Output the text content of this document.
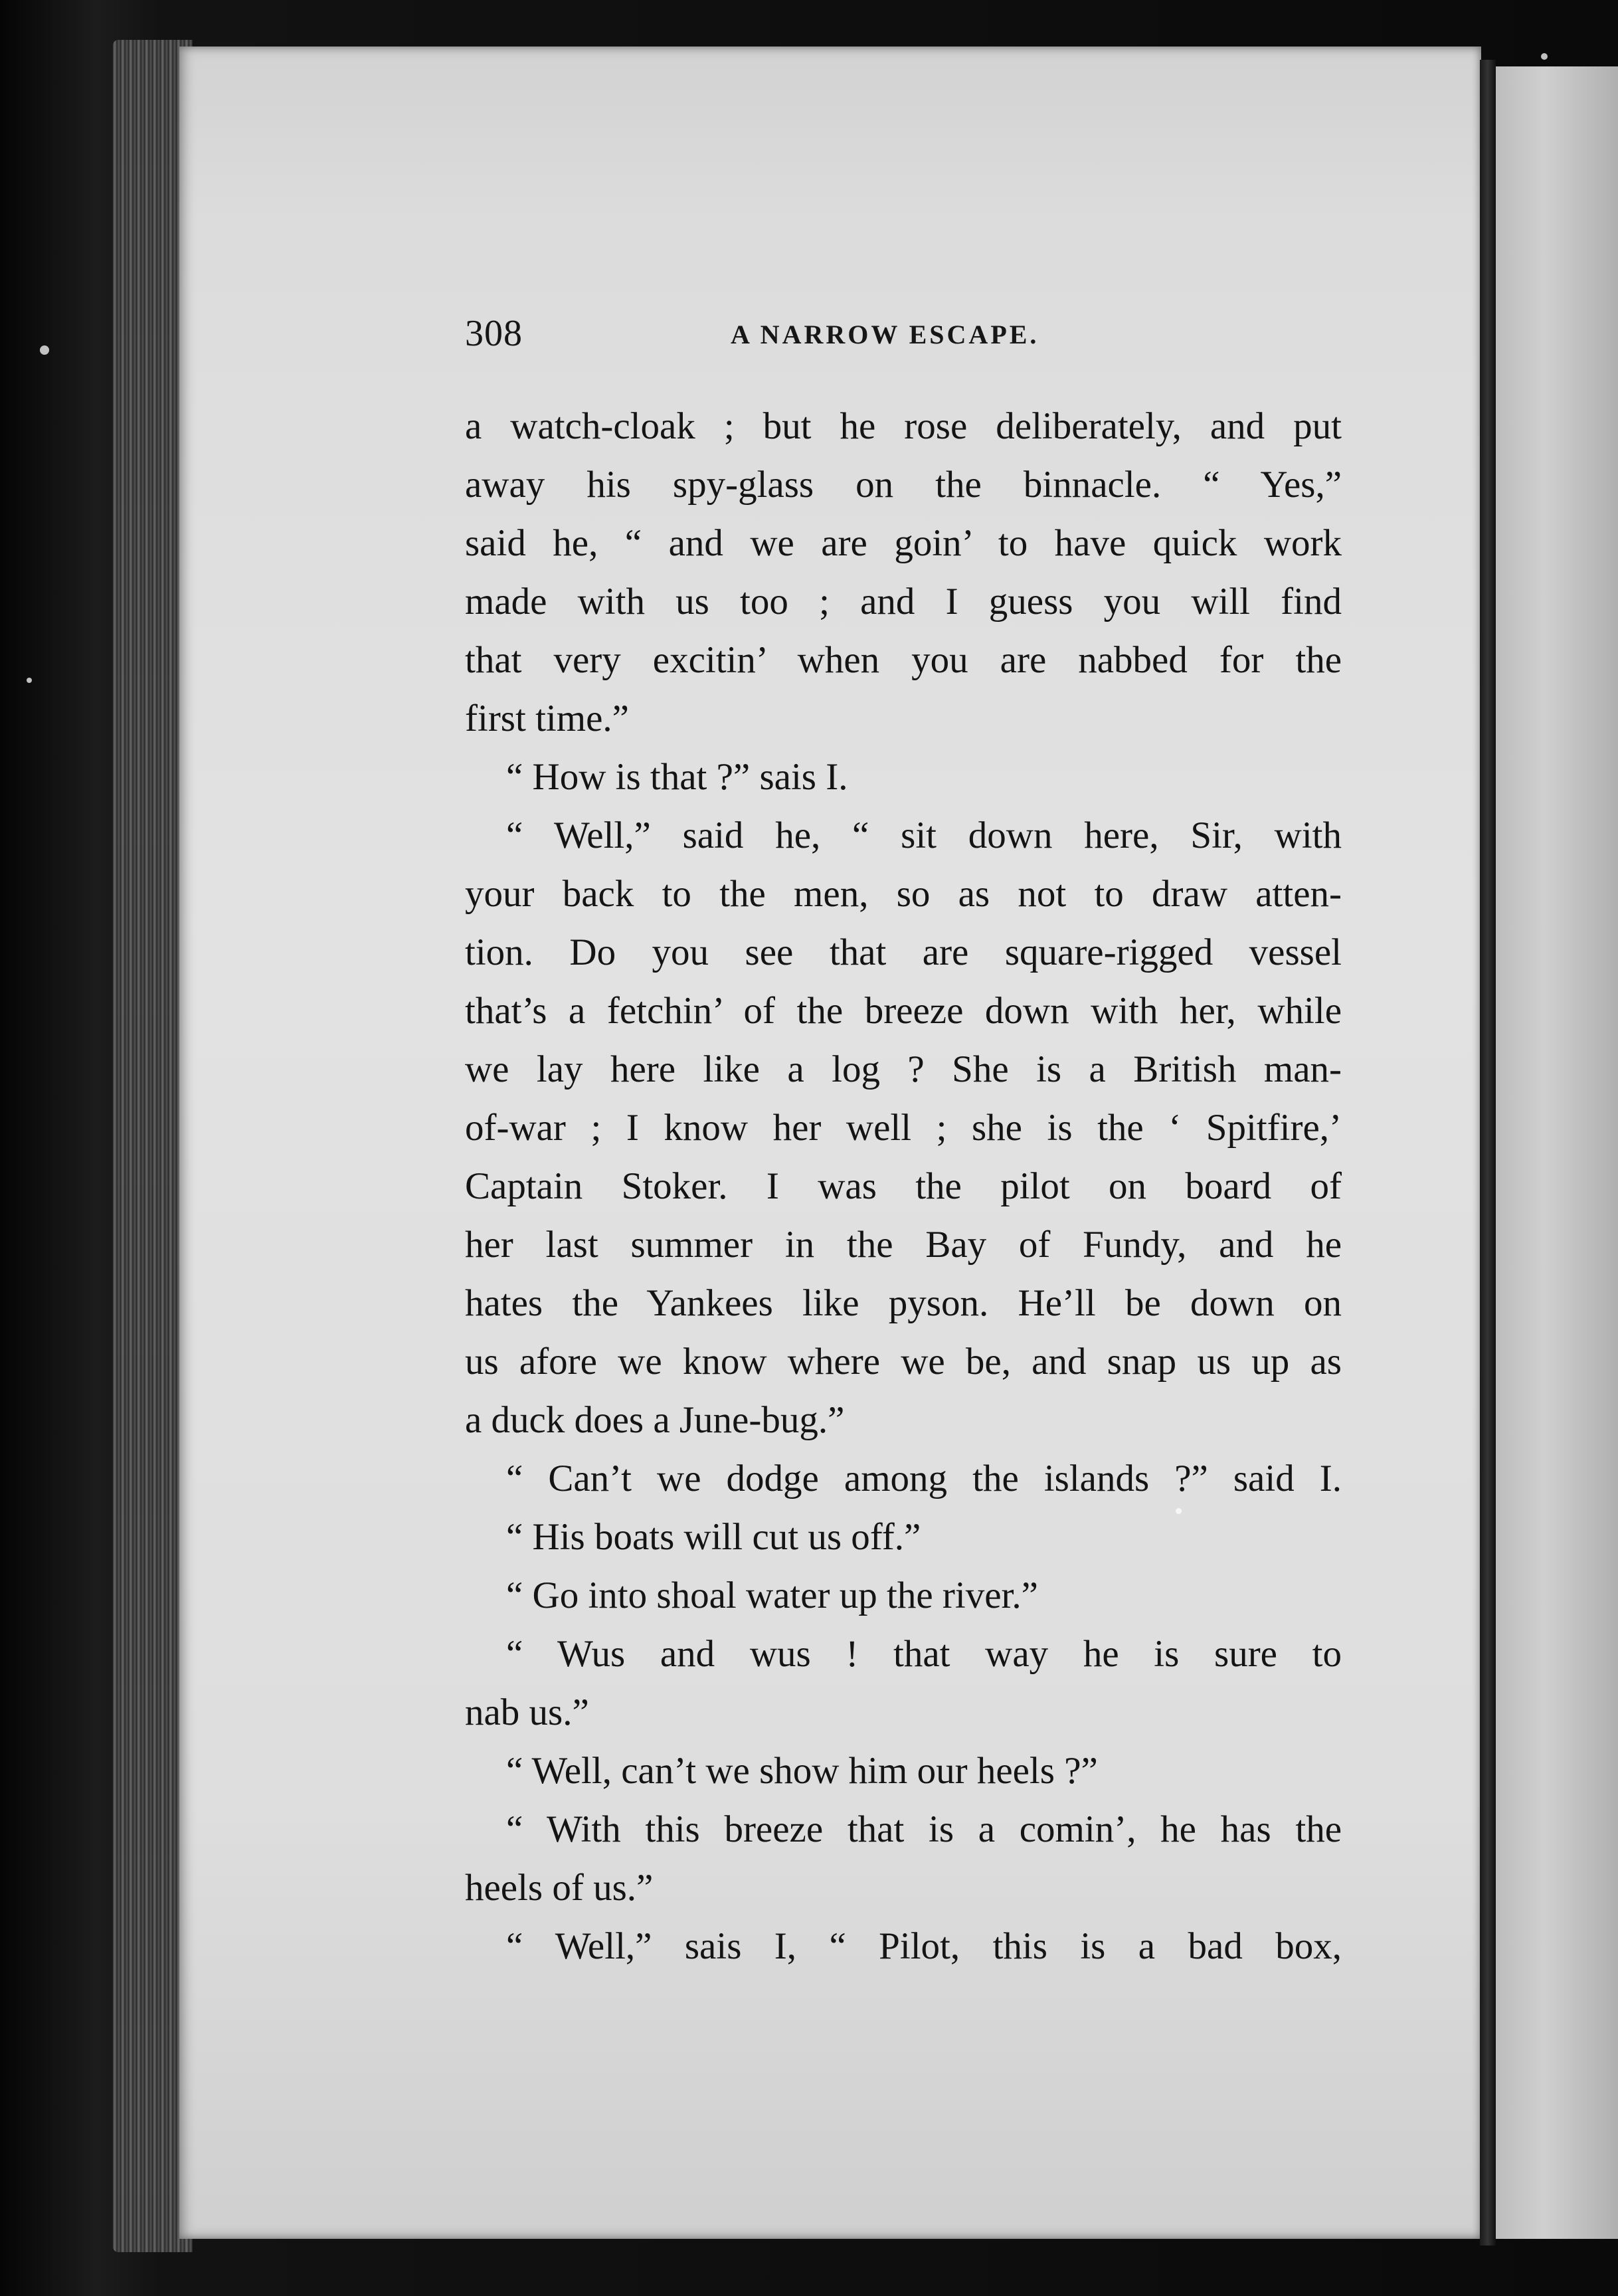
308	A NARROW ESCAPE.
a watch-cloak ; but he rose deliberately, and put
away his spy-glass on the binnacle. “ Yes,”
said he, “ and we are goin’ to have quick work
made with us too ; and I guess you will find
that very excitin’ when you are nabbed for the
first time.”
“ How is that ?” sais I.
“ Well,” said he, “ sit down here, Sir, with
your back to the men, so as not to draw atten-
tion. Do you see that are square-rigged vessel
that’s a fetchin’ of the breeze down with her, while
we lay here like a log ? She is a British man-
of-war ; I know her well ; she is the ‘ Spitfire,’
Captain Stoker. I was the pilot on board of
her last summer in the Bay of Fundy, and he
hates the Yankees like pyson. He’ll be down on
us afore we know where we be, and snap us up as
a duck does a June-bug.”
“ Can’t we dodge among the islands ?” said I.
“ His boats will cut us off.”
“ Go into shoal water up the river.”
“ Wus and wus ! that way he is sure to
nab us.”
“ Well, can’t we show him our heels ?”
“ With this breeze that is a comin’, he has the
heels of us.”
“ Well,” sais I, “ Pilot, this is a bad box,
